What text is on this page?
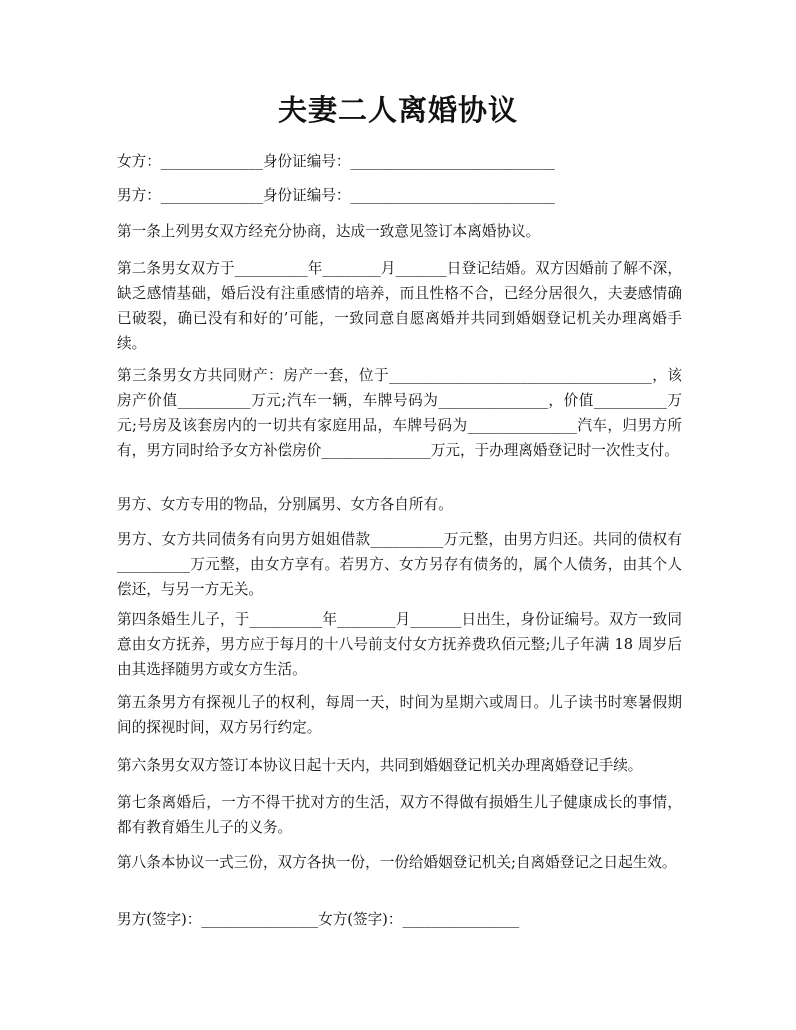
夫妻二人离婚协议

女方：______________身份证编号：____________________________

男方：______________身份证编号：____________________________

第一条上列男女双方经充分协商，达成一致意见签订本离婚协议。

第二条男女双方于__________年________月_______日登记结婚。双方因婚前了解不深，缺乏感情基础，婚后没有注重感情的培养，而且性格不合，已经分居很久，夫妻感情确已破裂，确已没有和好的’可能，一致同意自愿离婚并共同到婚姻登记机关办理离婚手续。

第三条男女方共同财产：房产一套，位于____________________________________，该房产价值__________万元;汽车一辆，车牌号码为_______________，价值__________万元;号房及该套房内的一切共有家庭用品，车牌号码为_______________汽车，归男方所有，男方同时给予女方补偿房价_______________万元，于办理离婚登记时一次性支付。

男方、女方专用的物品，分别属男、女方各自所有。

男方、女方共同债务有向男方姐姐借款__________万元整，由男方归还。共同的债权有__________万元整，由女方享有。若男方、女方另存有债务的，属个人债务，由其个人偿还，与另一方无关。

第四条婚生儿子，于__________年________月_______日出生，身份证编号。双方一致同意由女方抚养，男方应于每月的十八号前支付女方抚养费玖佰元整;儿子年满 18 周岁后由其选择随男方或女方生活。

第五条男方有探视儿子的权利，每周一天，时间为星期六或周日。儿子读书时寒暑假期间的探视时间，双方另行约定。

第六条男女双方签订本协议日起十天内，共同到婚姻登记机关办理离婚登记手续。

第七条离婚后，一方不得干扰对方的生活，双方不得做有损婚生儿子健康成长的事情，都有教育婚生儿子的义务。

第八条本协议一式三份，双方各执一份，一份给婚姻登记机关;自离婚登记之日起生效。

男方(签字)：________________女方(签字)：________________
